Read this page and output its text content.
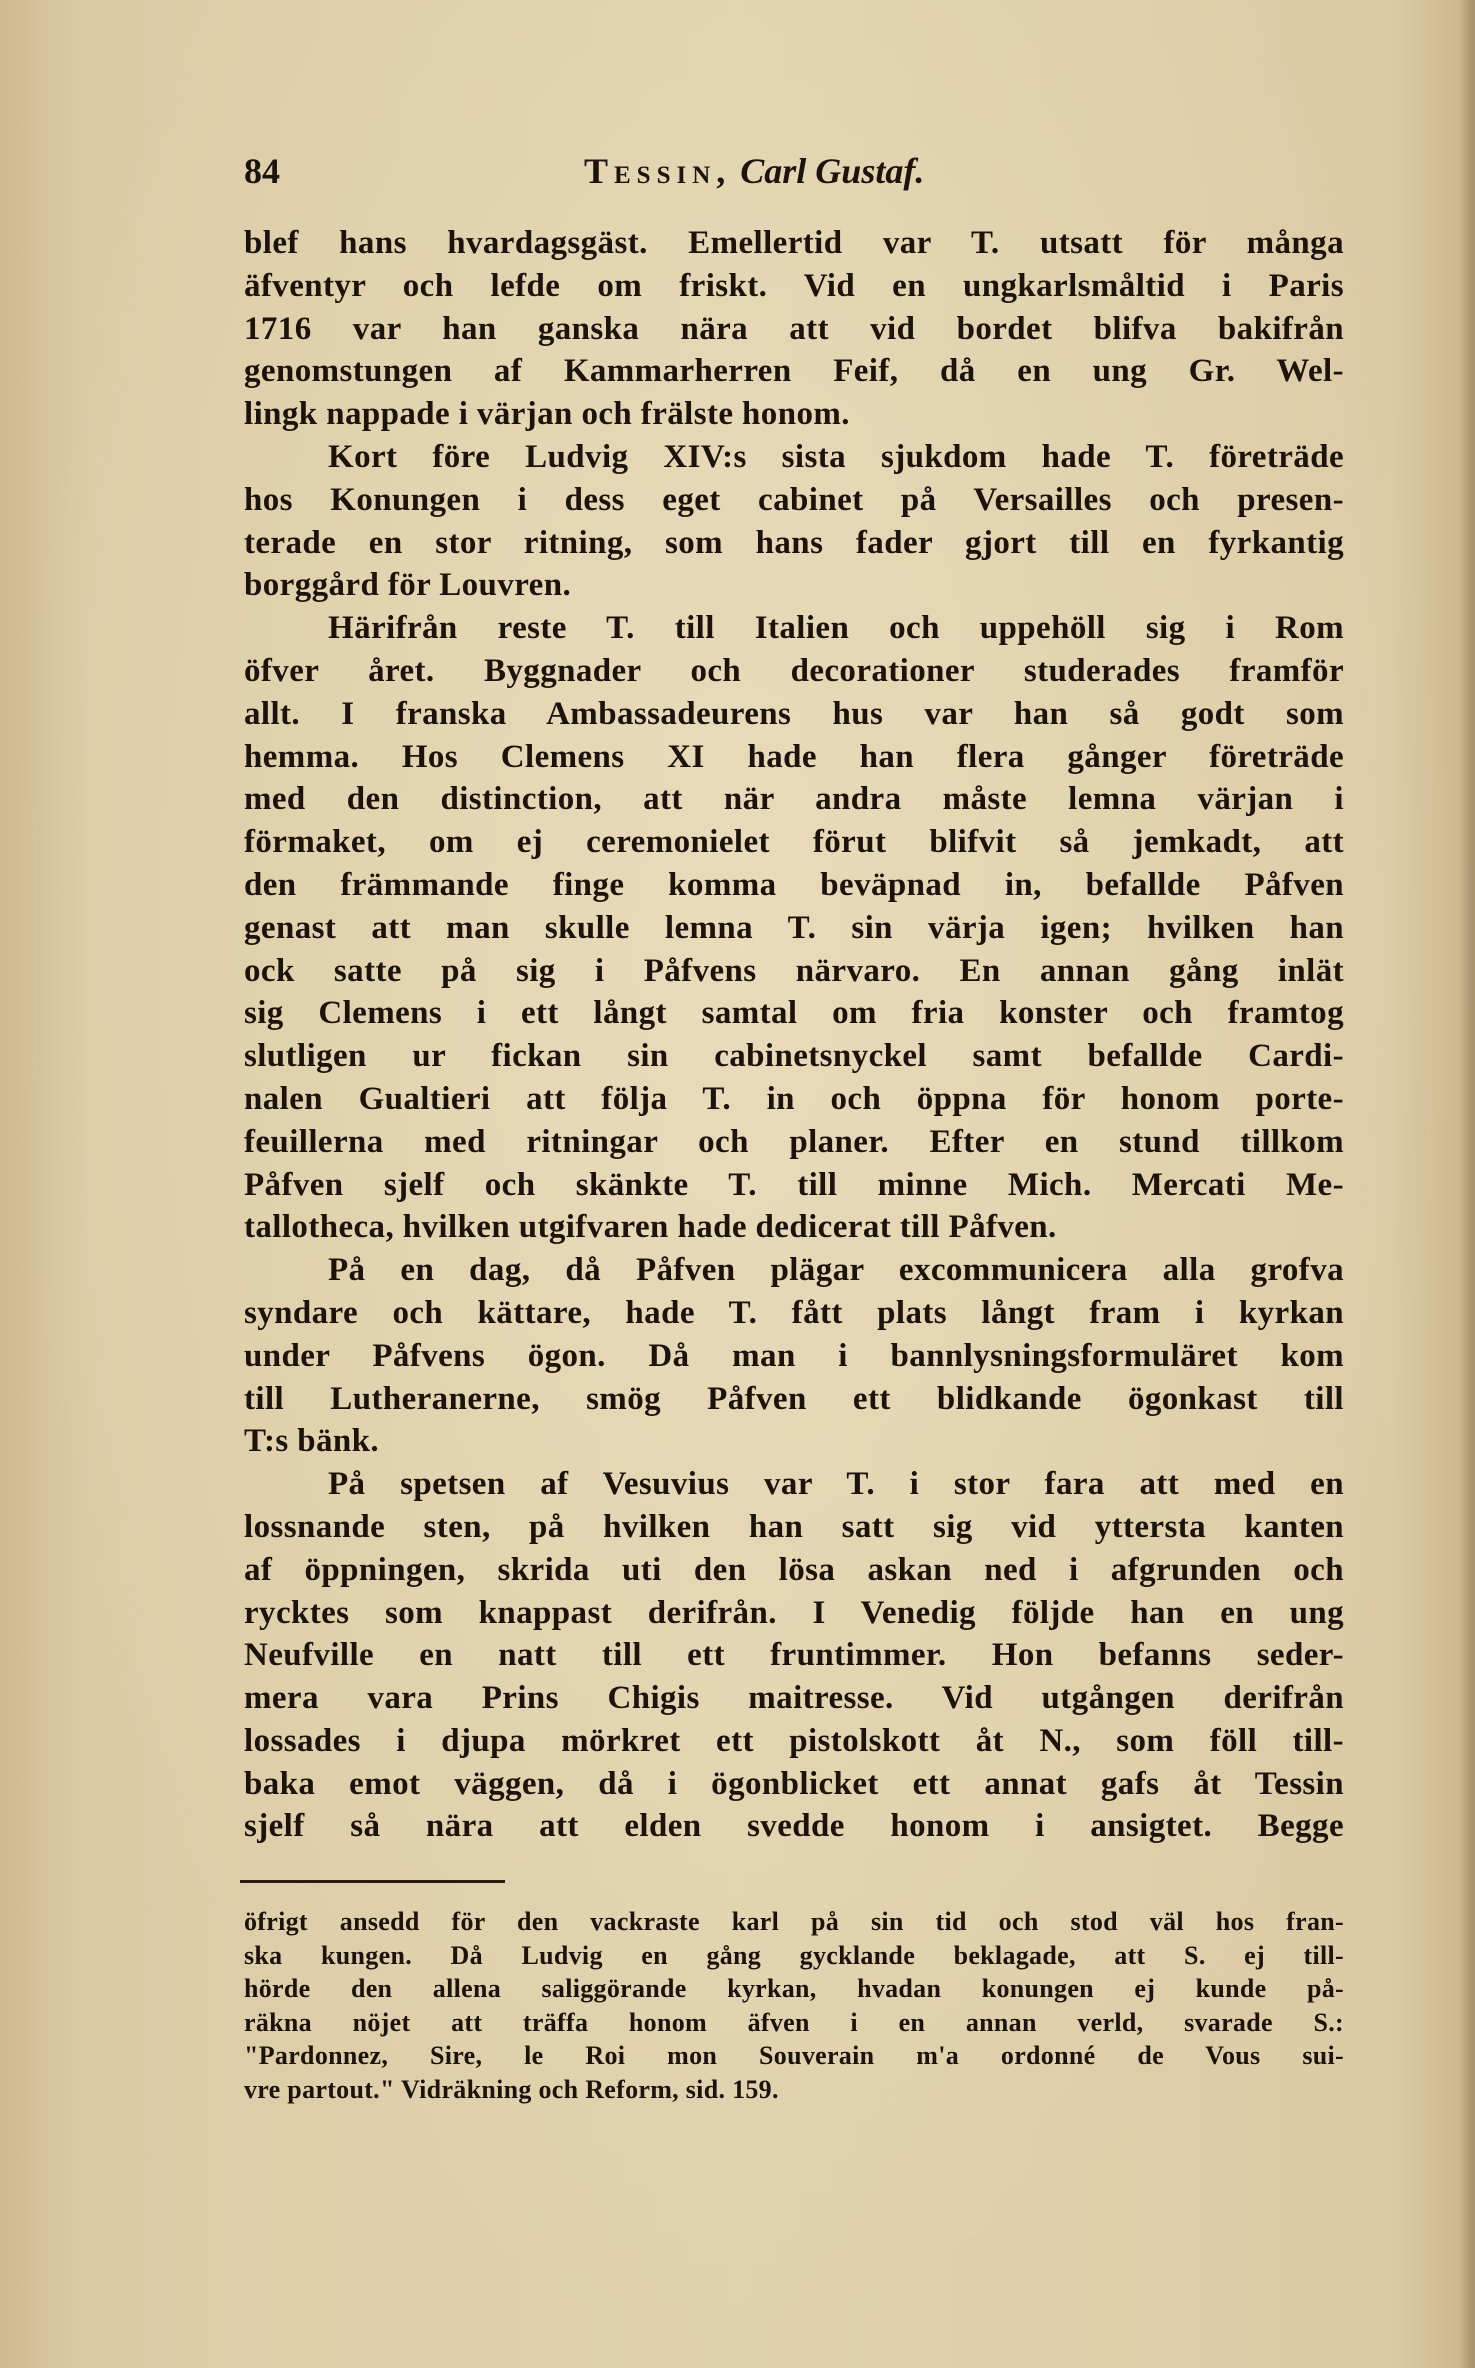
84	Tessin, Carl Gustaf.
blef hans hvardagsgäst. Emellertid var T. utsatt för många
äfventyr och lefde om friskt. Vid en ungkarlsmåltid i Paris
1716 var han ganska nära att vid bordet blifva bakifrån
genomstungen af Kammarherren Feif, då en ung Gr. Wel-
lingk nappade i värjan och frälste honom.
Kort före Ludvig XIV:s sista sjukdom hade T. företräde
hos Konungen i dess eget cabinet på Versailles och presen-
terade en stor ritning, som hans fader gjort till en fyrkantig
borggård för Louvren.
Härifrån reste T. till Italien och uppehöll sig i Rom
öfver året. Byggnader och decorationer studerades framför
allt. I franska Ambassadeurens hus var han så godt som
hemma. Hos Clemens XI hade han flera gånger företräde
med den distinction, att när andra måste lemna värjan i
förmaket, om ej ceremonielet förut blifvit så jemkadt, att
den främmande finge komma beväpnad in, befallde Påfven
genast att man skulle lemna T. sin värja igen; hvilken han
ock satte på sig i Påfvens närvaro. En annan gång inlät
sig Clemens i ett långt samtal om fria konster och framtog
slutligen ur fickan sin cabinetsnyckel samt befallde Cardi-
nalen Gualtieri att följa T. in och öppna för honom porte-
feuillerna med ritningar och planer. Efter en stund tillkom
Påfven sjelf och skänkte T. till minne Mich. Mercati Me-
tallotheca, hvilken utgifvaren hade dedicerat till Påfven.
På en dag, då Påfven plägar excommunicera alla grofva
syndare och kättare, hade T. fått plats långt fram i kyrkan
under Påfvens ögon. Då man i bannlysningsformuläret kom
till Lutheranerne, smög Påfven ett blidkande ögonkast till
T:s bänk.
På spetsen af Vesuvius var T. i stor fara att med en
lossnande sten, på hvilken han satt sig vid yttersta kanten
af öppningen, skrida uti den lösa askan ned i afgrunden och
rycktes som knappast derifrån. I Venedig följde han en ung
Neufville en natt till ett fruntimmer. Hon befanns seder-
mera vara Prins Chigis maitresse. Vid utgången derifrån
lossades i djupa mörkret ett pistolskott åt N., som föll till-
baka emot väggen, då i ögonblicket ett annat gafs åt Tessin
sjelf så nära att elden svedde honom i ansigtet. Begge
öfrigt ansedd för den vackraste karl på sin tid och stod väl hos fran-
ska kungen. Då Ludvig en gång gycklande beklagade, att S. ej till-
hörde den allena saliggörande kyrkan, hvadan konungen ej kunde på-
räkna nöjet att träffa honom äfven i en annan verld, svarade S.:
"Pardonnez, Sire, le Roi mon Souverain m'a ordonné de Vous sui-
vre partout." Vidräkning och Reform, sid. 159.
